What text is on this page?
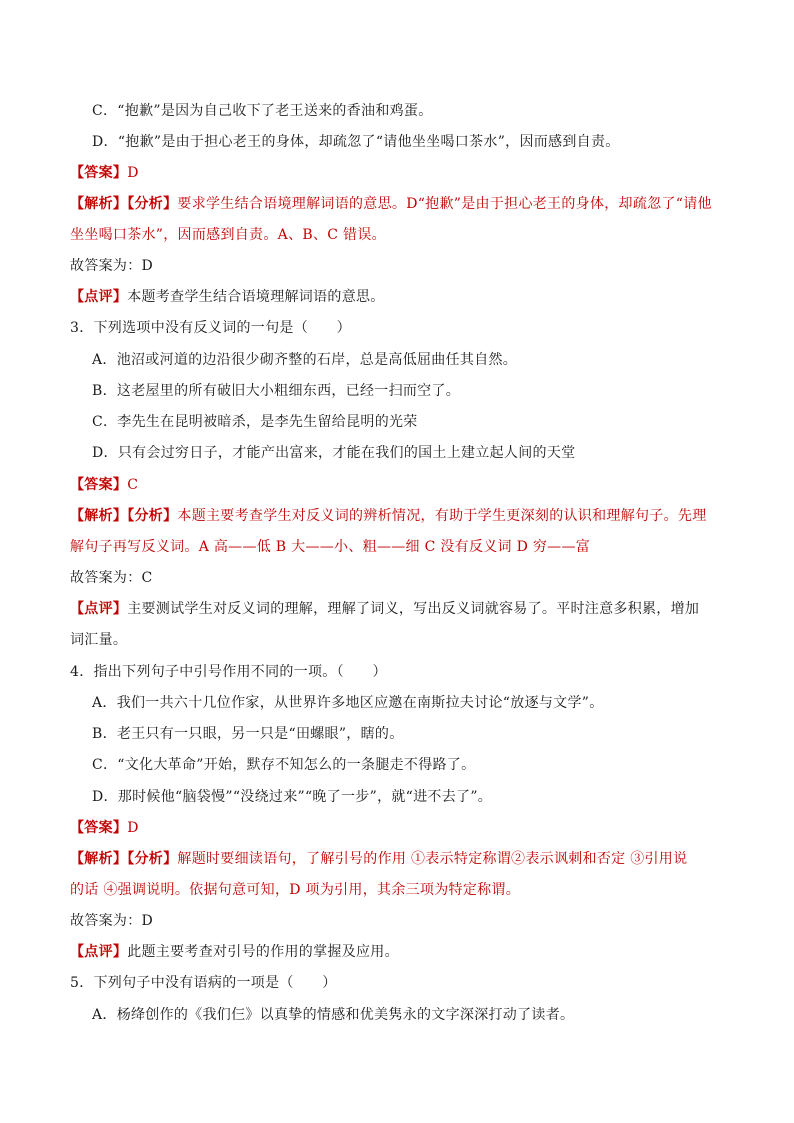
C．“抱歉”是因为自己收下了老王送来的香油和鸡蛋。
D．“抱歉”是由于担心老王的身体，却疏忽了“请他坐坐喝口茶水”，因而感到自责。
【答案】D
【解析】【分析】要求学生结合语境理解词语的意思。D“抱歉”是由于担心老王的身体，却疏忽了“请他
坐坐喝口茶水”，因而感到自责。A、B、C 错误。
故答案为：D
【点评】本题考查学生结合语境理解词语的意思。
3．下列选项中没有反义词的一句是（　　）
A．池沼或河道的边沿很少砌齐整的石岸，总是高低屈曲任其自然。
B．这老屋里的所有破旧大小粗细东西，已经一扫而空了。
C．李先生在昆明被暗杀，是李先生留给昆明的光荣
D．只有会过穷日子，才能产出富来，才能在我们的国土上建立起人间的天堂
【答案】C
【解析】【分析】本题主要考查学生对反义词的辨析情况，有助于学生更深刻的认识和理解句子。先理
解句子再写反义词。A 高——低 B 大——小、粗——细 C 没有反义词 D 穷——富
故答案为：C
【点评】主要测试学生对反义词的理解，理解了词义，写出反义词就容易了。平时注意多积累，增加
词汇量。
4．指出下列句子中引号作用不同的一项。（　　）
A．我们一共六十几位作家，从世界许多地区应邀在南斯拉夫讨论“放逐与文学”。
B．老王只有一只眼，另一只是“田螺眼”，瞎的。
C．“文化大革命”开始，默存不知怎么的一条腿走不得路了。
D．那时候他“脑袋慢”“没绕过来”“晚了一步”，就“进不去了”。
【答案】D
【解析】【分析】解题时要细读语句，了解引号的作用 ①表示特定称谓②表示讽刺和否定 ③引用说
的话 ④强调说明。依据句意可知，D 项为引用，其余三项为特定称谓。
故答案为：D
【点评】此题主要考查对引号的作用的掌握及应用。
5．下列句子中没有语病的一项是（　　）
A．杨绛创作的《我们仨》以真挚的情感和优美隽永的文字深深打动了读者。
